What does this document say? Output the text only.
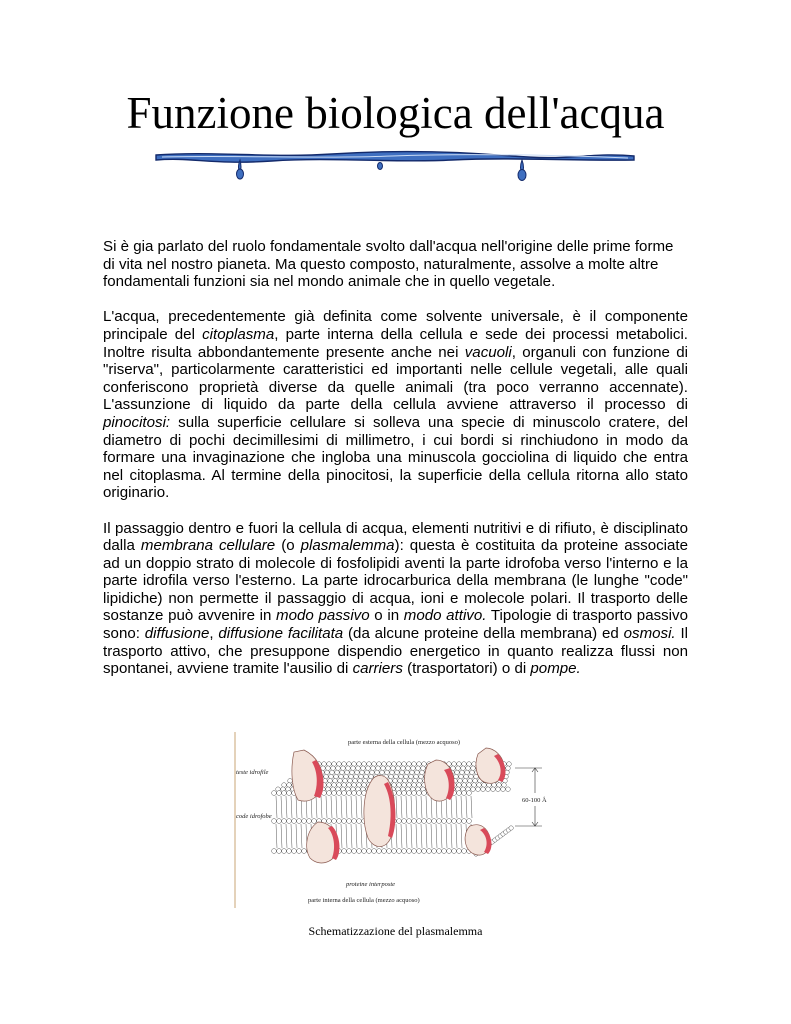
Funzione biologica dell'acqua

Si è gia parlato del ruolo fondamentale svolto dall'acqua nell'origine delle prime forme di vita nel nostro pianeta. Ma questo composto, naturalmente, assolve a molte altre fondamentali funzioni sia nel mondo animale che in quello vegetale.

L'acqua, precedentemente già definita come solvente universale, è il componente principale del citoplasma, parte interna della cellula e sede dei processi metabolici. Inoltre risulta abbondantemente presente anche nei vacuoli, organuli con funzione di "riserva", particolarmente caratteristici ed importanti nelle cellule vegetali, alle quali conferiscono proprietà diverse da quelle animali (tra poco verranno accennate). L'assunzione di liquido da parte della cellula avviene attraverso il processo di pinocitosi: sulla superficie cellulare si solleva una specie di minuscolo cratere, del diametro di pochi decimillesimi di millimetro, i cui bordi si rinchiudono in modo da formare una invaginazione che ingloba una minuscola gocciolina di liquido che entra nel citoplasma. Al termine della pinocitosi, la superficie della cellula ritorna allo stato originario.

Il passaggio dentro e fuori la cellula di acqua, elementi nutritivi e di rifiuto, è disciplinato dalla membrana cellulare (o plasmalemma): questa è costituita da proteine associate ad un doppio strato di molecole di fosfolipidi aventi la parte idrofoba verso l'interno e la parte idrofila verso l'esterno. La parte idrocarburica della membrana (le lunghe "code" lipidiche) non permette il passaggio di acqua, ioni e molecole polari. Il trasporto delle sostanze può avvenire in modo passivo o in modo attivo. Tipologie di trasporto passivo sono: diffusione, diffusione facilitata (da alcune proteine della membrana) ed osmosi. Il trasporto attivo, che presuppone dispendio energetico in quanto realizza flussi non spontanei, avviene tramite l'ausilio di carriers (trasportatori) o di pompe.

parte esterna della cellula (mezzo acquoso)
teste idrofile
code idrofobe
proteine interposte
parte interna della cellula (mezzo acquoso)
60-100 Å
Schematizzazione del plasmalemma
